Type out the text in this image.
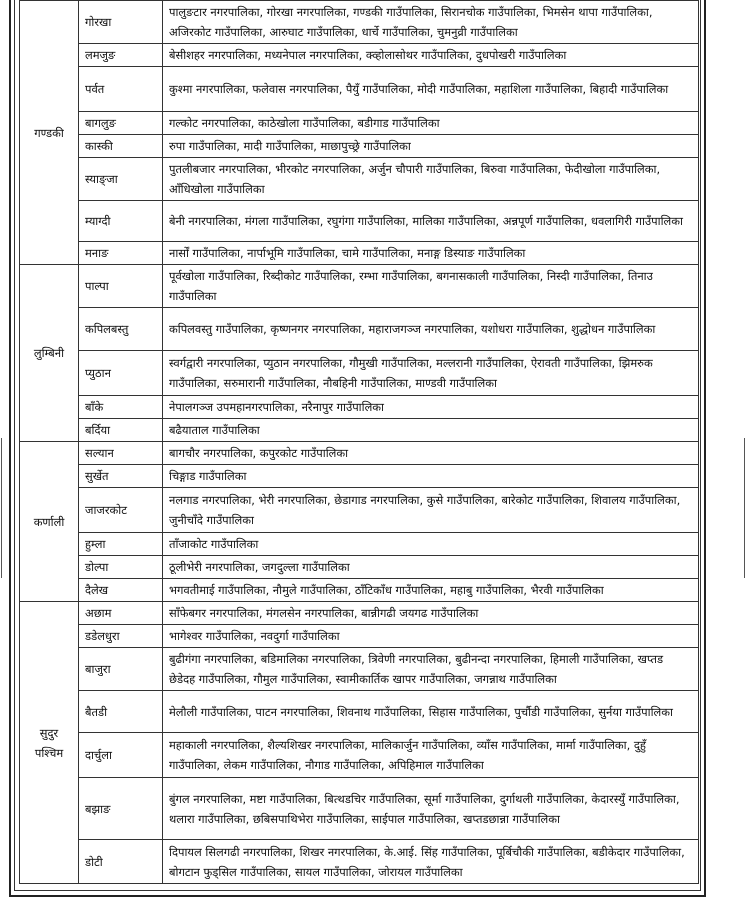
गण्डकी	गोरखा	पालुङटार नगरपालिका, गोरखा नगरपालिका, गण्डकी गाउँपालिका, सिरानचोक गाउँपालिका, भिमसेन थापा गाउँपालिका, अजिरकोट गाउँपालिका, आरुघाट गाउँपालिका, धार्चे गाउँपालिका, चुमनुव्री गाउँपालिका
	लमजुङ	बेसीशहर नगरपालिका, मध्यनेपाल नगरपालिका, क्व्होलासोथर गाउँपालिका, दुधपोखरी गाउँपालिका
	पर्वत	कुश्मा नगरपालिका, फलेवास नगरपालिका, पैयुँ गाउँपालिका, मोदी गाउँपालिका, महाशिला गाउँपालिका, बिहादी गाउँपालिका
	बागलुङ	गल्कोट नगरपालिका, काठेखोला गाउँपालिका, बडीगाड गाउँपालिका
	कास्की	रुपा गाउँपालिका, मादी गाउँपालिका, माछापुच्छ्रे गाउँपालिका
	स्याङ्जा	पुतलीबजार नगरपालिका, भीरकोट नगरपालिका, अर्जुन चौपारी गाउँपालिका, बिरुवा गाउँपालिका, फेदीखोला गाउँपालिका, आँधिखोला गाउँपालिका
	म्याग्दी	बेनी नगरपालिका, मंगला गाउँपालिका, रघुगंगा गाउँपालिका, मालिका गाउँपालिका, अन्नपूर्ण गाउँपालिका, धवलागिरी गाउँपालिका
	मनाङ	नार्सों गाउँपालिका, नार्पाभूमि गाउँपालिका, चामे गाउँपालिका, मनाङ्ग डिस्याङ गाउँपालिका
लुम्बिनी	पाल्पा	पूर्वखोला गाउँपालिका, रिब्दीकोट गाउँपालिका, रम्भा गाउँपालिका, बगनासकाली गाउँपालिका, निस्दी गाउँपालिका, तिनाउ गाउँपालिका
	कपिलबस्तु	कपिलवस्तु गाउँपालिका, कृष्णनगर नगरपालिका, महाराजगञ्ज नगरपालिका, यशोधरा गाउँपालिका, शुद्धोधन गाउँपालिका
	प्युठान	स्वर्गद्वारी नगरपालिका, प्युठान नगरपालिका, गौमुखी गाउँपालिका, मल्लरानी गाउँपालिका, ऐरावती गाउँपालिका, झिमरुक गाउँपालिका, सरुमारानी गाउँपालिका, नौबहिनी गाउँपालिका, माण्डवी गाउँपालिका
	बाँके	नेपालगञ्ज उपमहानगरपालिका, नरैनापुर गाउँपालिका
	बर्दिया	बढैयाताल गाउँपालिका
कर्णाली	सल्यान	बागचौर नगरपालिका, कपुरकोट गाउँपालिका
	सुर्खेत	चिङ्गाड गाउँपालिका
	जाजरकोट	नलगाड नगरपालिका, भेरी नगरपालिका, छेडागाड नगरपालिका, कुसे गाउँपालिका, बारेकोट गाउँपालिका, शिवालय गाउँपालिका, जुनीचाँदे गाउँपालिका
	हुम्ला	ताँजाकोट गाउँपालिका
	डोल्पा	ठूलीभेरी नगरपालिका, जगदुल्ला गाउँपालिका
	दैलेख	भगवतीमाई गाउँपालिका, नौमुले गाउँपालिका, ठाँटिकाँध गाउँपालिका, महाबु गाउँपालिका, भैरवी गाउँपालिका
सुदुर पश्चिम	अछाम	साँफेबगर नगरपालिका, मंगलसेन नगरपालिका, बान्नीगढी जयगढ गाउँपालिका
	डडेलधुरा	भागेश्वर गाउँपालिका, नवदुर्गा गाउँपालिका
	बाजुरा	बुढीगंगा नगरपालिका, बडिमालिका नगरपालिका, त्रिवेणी नगरपालिका, बुढीनन्दा नगरपालिका, हिमाली गाउँपालिका, खप्तड छेडेदह गाउँपालिका, गौमुल गाउँपालिका, स्वामीकार्तिक खापर गाउँपालिका, जगन्नाथ गाउँपालिका
	बैतडी	मेलौली गाउँपालिका, पाटन नगरपालिका, शिवनाथ गाउँपालिका, सिहास गाउँपालिका, पुर्चौडी गाउँपालिका, सुर्नया गाउँपालिका
	दार्चुला	महाकाली नगरपालिका, शैल्यशिखर नगरपालिका, मालिकार्जुन गाउँपालिका, व्याँस गाउँपालिका, मार्मा गाउँपालिका, दुहुँ गाउँपालिका, लेकम गाउँपालिका, नौगाड गाउँपालिका, अपिहिमाल गाउँपालिका
	बझाङ	बुंगल नगरपालिका, मष्टा गाउँपालिका, बित्थडचिर गाउँपालिका, सूर्मा गाउँपालिका, दुर्गाथली गाउँपालिका, केदारस्युँ गाउँपालिका, थलारा गाउँपालिका, छबिसपाथिभेरा गाउँपालिका, साईपाल गाउँपालिका, खप्तडछान्ना गाउँपालिका
	डोटी	दिपायल सिलगढी नगरपालिका, शिखर नगरपालिका, के.आई. सिंह गाउँपालिका, पूर्बिचौकी गाउँपालिका, बडीकेदार गाउँपालिका, बोगटान फुड्सिल गाउँपालिका, सायल गाउँपालिका, जोरायल गाउँपालिका
